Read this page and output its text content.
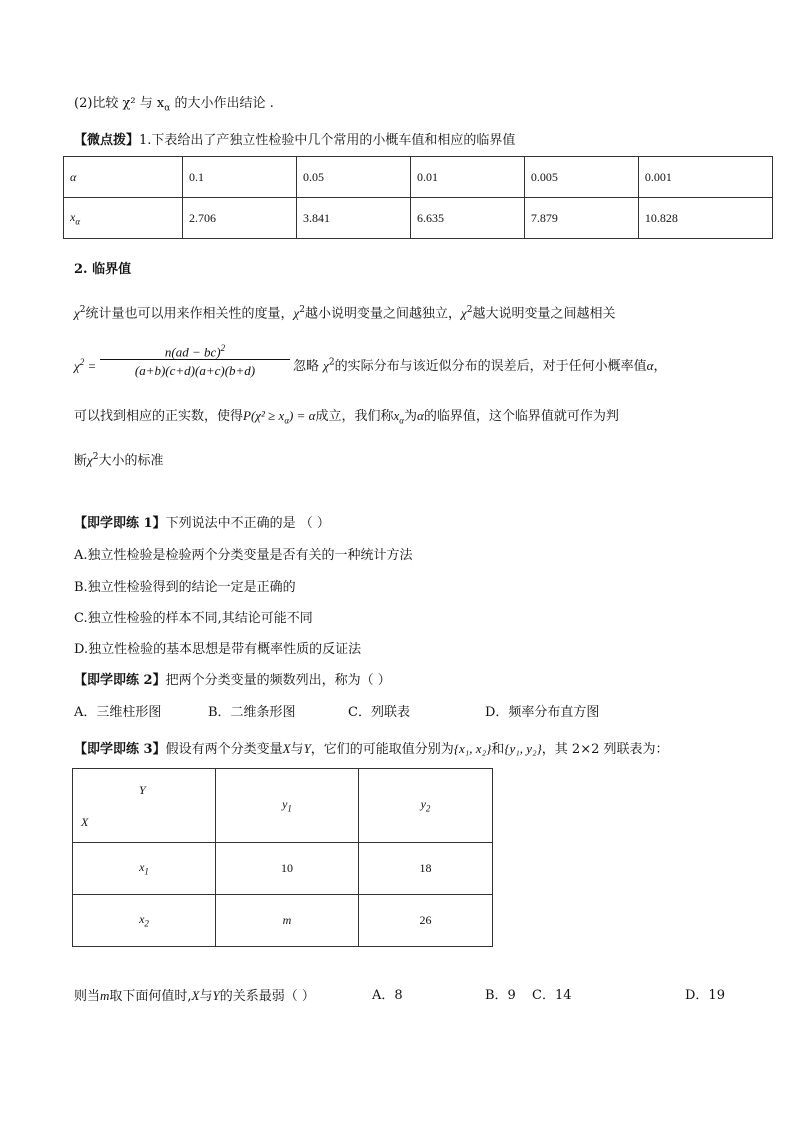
(2)比较 χ² 与 $x_\alpha$ 的大小作出结论 .
【微点拨】1.下表给出了产独立性检验中几个常用的小概车值和相应的临界值
α	0.1	0.05	0.01	0.005	0.001
$x_\alpha$	2.706	3.841	6.635	7.879	10.828
2. 临界值
$\chi^2$统计量也可以用来作相关性的度量，$\chi^2$越小说明变量之间越独立，$\chi^2$越大说明变量之间越相关
$\chi^2$ =
n(ad − bc)$^2$
(a+b)(c+d)(a+c)(b+d)	忽略 $\chi^2$的实际分布与该近似分布的误差后，对于任何小概率值α，
可以找到相应的正实数，使得$P(\chi^2 \ge x_\alpha) = \alpha$成立，我们称$x_\alpha$为α的临界值，这个临界值就可作为判
断$\chi^2$大小的标准
【即学即练 1】下列说法中不正确的是 （ ）
A.独立性检验是检验两个分类变量是否有关的一种统计方法
B.独立性检验得到的结论一定是正确的
C.独立性检验的样本不同,其结论可能不同
D.独立性检验的基本思想是带有概率性质的反证法
【即学即练 2】把两个分类变量的频数列出，称为（ ）
A．三维柱形图	B．二维条形图	C．列联表	D．频率分布直方图
【即学即练 3】假设有两个分类变量X与Y，它们的可能取值分别为{x₁, x₂}和{y₁, y₂}，其 2×2 列联表为：
Y
X	$y_1$	$y_2$
$x_1$	10	18
$x_2$	m	26
则当m取下面何值时,X与Y的关系最弱（ ）	A．8	B．9 C．14	D．19
